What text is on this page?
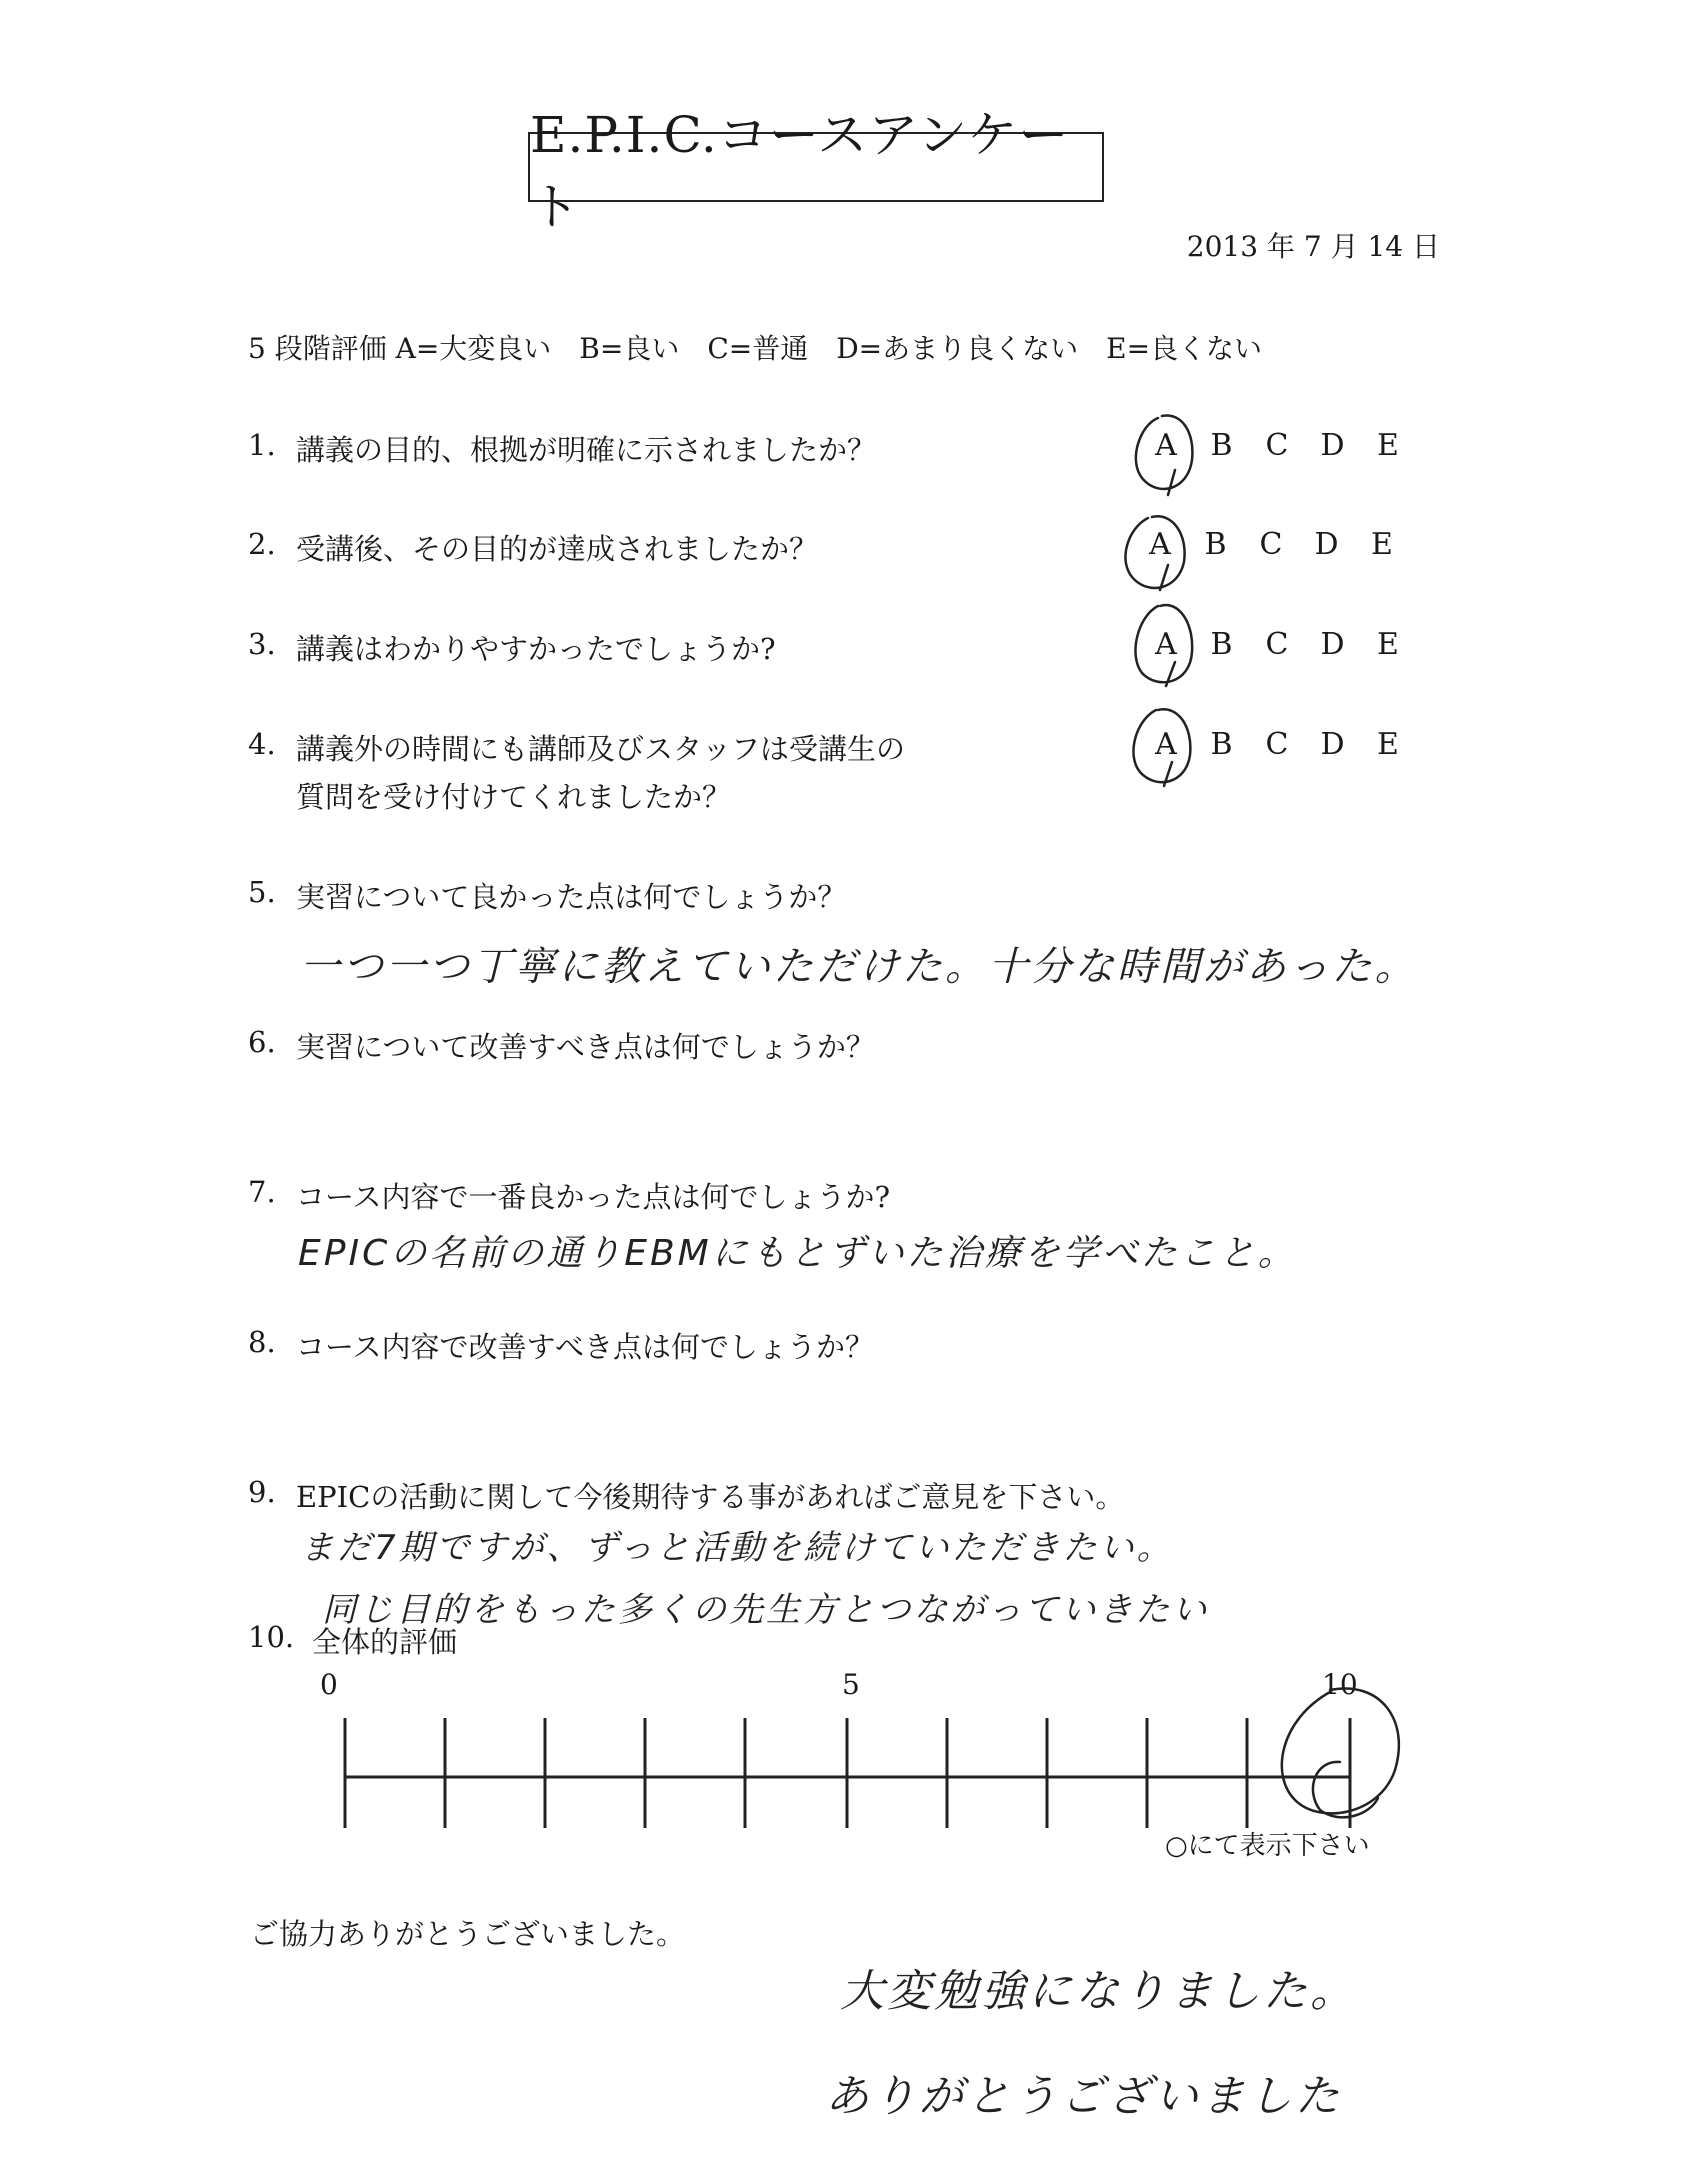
E.P.I.C.コースアンケート
2013 年 7 月 14 日
5 段階評価 A=大変良い　B=良い　C=普通　D=あまり良くない　E=良くない
1. 講義の目的、根拠が明確に示されましたか？	A	B C D	E
2. 受講後、その目的が達成されましたか？	A	B C D	E
3. 講義はわかりやすかったでしょうか?	A	B C D	E
4. 講義外の時間にも講師及びスタッフは受講生の
質問を受け付けてくれましたか？
A	B C D	E
5. 実習について良かった点は何でしょうか？
一つ一つ丁寧に教えていただけた。十分な時間があった。
6. 実習について改善すべき点は何でしょうか？
7. コース内容で一番良かった点は何でしょうか?
EPICの名前の通りEBMにもとずいた治療を学べたこと。
8. コース内容で改善すべき点は何でしょうか？
9. EPICの活動に関して今後期待する事があればご意見を下さい。
まだ7期ですが、ずっと活動を続けていただきたい。
同じ目的をもった多くの先生方とつながっていきたい
10. 全体的評価
0	5	10
○にて表示下さい
ご協力ありがとうございました。
大変勉強になりました。
ありがとうございました
